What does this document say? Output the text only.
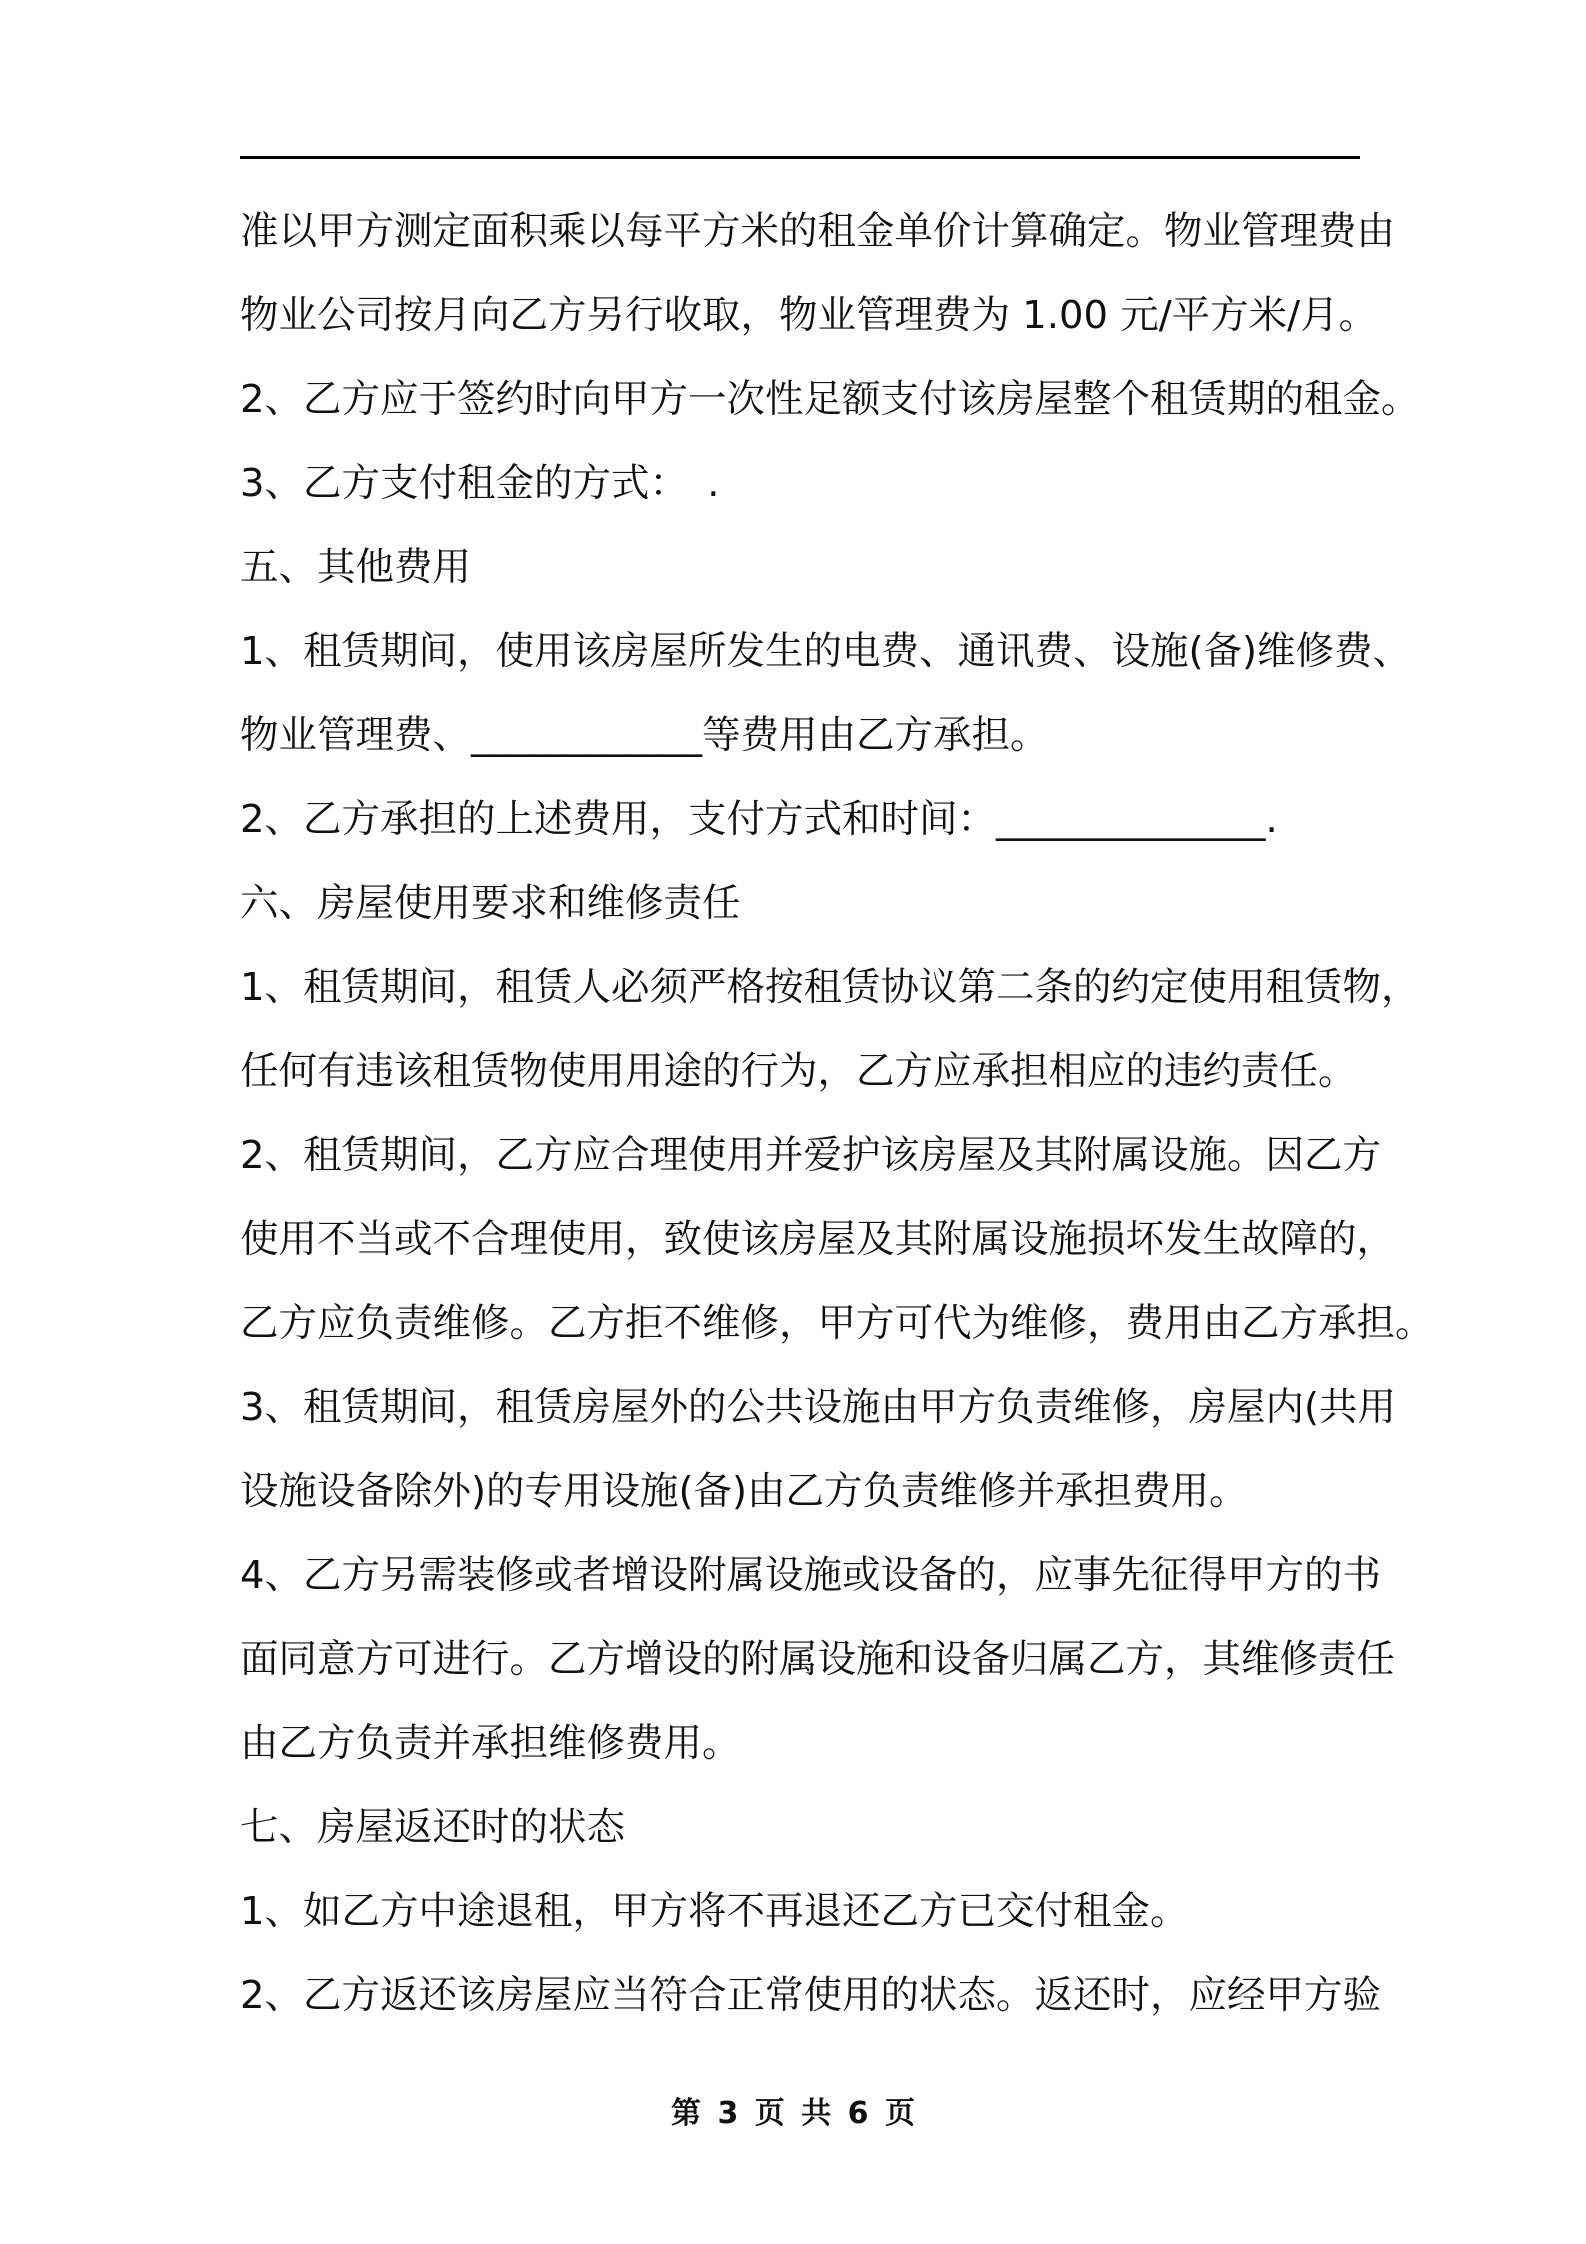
准以甲方测定面积乘以每平方米的租金单价计算确定。物业管理费由
物业公司按月向乙方另行收取，物业管理费为 1.00 元/平方米/月。
2、乙方应于签约时向甲方一次性足额支付该房屋整个租赁期的租金。
3、乙方支付租金的方式：　.
五、其他费用
1、租赁期间，使用该房屋所发生的电费、通讯费、设施(备)维修费、
物业管理费、____________等费用由乙方承担。
2、乙方承担的上述费用，支付方式和时间：______________.
六、房屋使用要求和维修责任
1、租赁期间，租赁人必须严格按租赁协议第二条的约定使用租赁物，
任何有违该租赁物使用用途的行为，乙方应承担相应的违约责任。
2、租赁期间，乙方应合理使用并爱护该房屋及其附属设施。因乙方
使用不当或不合理使用，致使该房屋及其附属设施损坏发生故障的，
乙方应负责维修。乙方拒不维修，甲方可代为维修，费用由乙方承担。
3、租赁期间，租赁房屋外的公共设施由甲方负责维修，房屋内(共用
设施设备除外)的专用设施(备)由乙方负责维修并承担费用。
4、乙方另需装修或者增设附属设施或设备的，应事先征得甲方的书
面同意方可进行。乙方增设的附属设施和设备归属乙方，其维修责任
由乙方负责并承担维修费用。
七、房屋返还时的状态
1、如乙方中途退租，甲方将不再退还乙方已交付租金。
2、乙方返还该房屋应当符合正常使用的状态。返还时，应经甲方验
第 3 页 共 6 页
